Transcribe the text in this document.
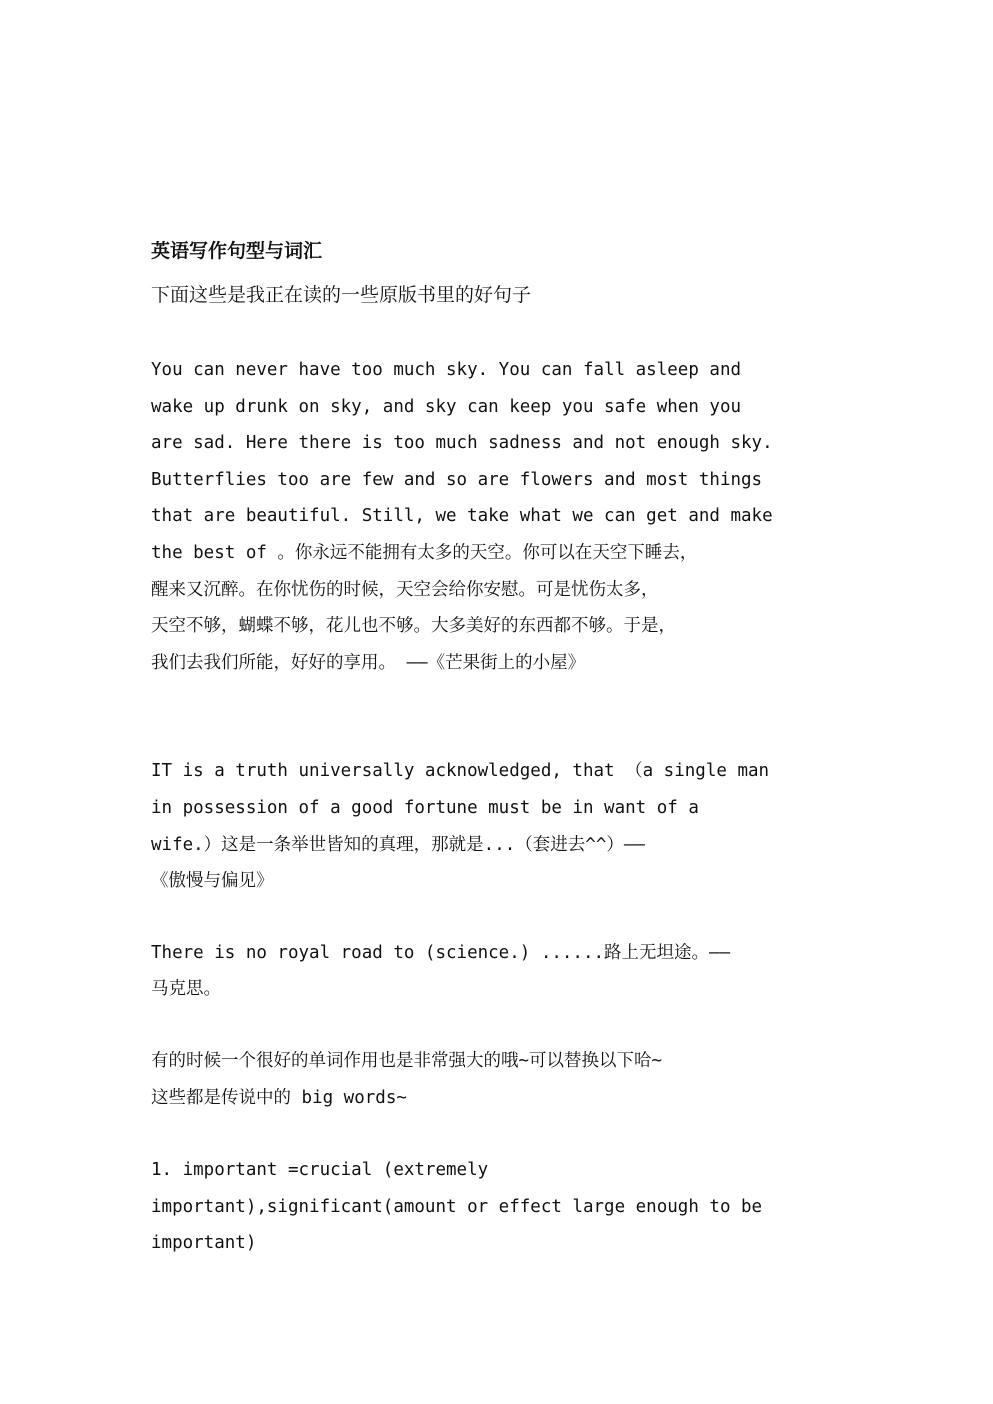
英语写作句型与词汇

下面这些是我正在读的一些原版书里的好句子

You can never have too much sky. You can fall asleep and
wake up drunk on sky, and sky can keep you safe when you
are sad. Here there is too much sadness and not enough sky.
Butterflies too are few and so are flowers and most things
that are beautiful. Still, we take what we can get and make
the best of 。你永远不能拥有太多的天空。你可以在天空下睡去，
醒来又沉醉。在你忧伤的时候，天空会给你安慰。可是忧伤太多，
天空不够，蝴蝶不够，花儿也不够。大多美好的东西都不够。于是，
我们去我们所能，好好的享用。 ——《芒果街上的小屋》
IT is a truth universally acknowledged, that （a single man
in possession of a good fortune must be in want of a
wife.）这是一条举世皆知的真理，那就是...（套进去^^）——
《傲慢与偏见》
There is no royal road to (science.) ......路上无坦途。——
马克思。
有的时候一个很好的单词作用也是非常强大的哦~可以替换以下哈~
这些都是传说中的 big words~
1. important =crucial (extremely
important),significant(amount or effect large enough to be
important)
